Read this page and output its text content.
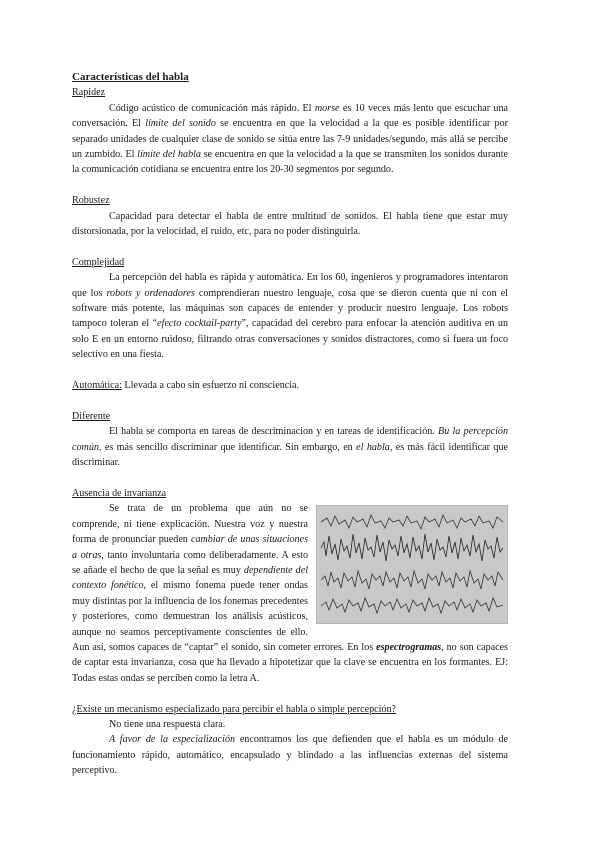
Características del habla

Rapidez

Código acústico de comunicación más rápido. El morse es 10 veces más lento que escuchar una conversación. El límite del sonido se encuentra en que la velocidad a la que es posible identificar por separado unidades de cualquier clase de sonido se sitúa entre las 7-9 unidades/segundo, más allá se percibe un zumbido. El límite del habla se encuentra en que la velocidad a la que se transmiten los sonidos durante la comunicación cotidiana se encuentra entre los 20-30 segmentos por segundo.

Robustez

Capacidad para detectar el habla de entre multitud de sonidos. El habla tiene que estar muy distorsionada, por la velocidad, el ruido, etc, para no poder distinguirla.

Complejidad

La percepción del habla es rápida y automática. En los 60, ingenieros y programadores intentaron que los robots y ordenadores comprendieran nuestro lenguaje, cosa que se dieron cuenta que ni con el software más potente, las máquinas son capaces de entender y producir nuestro lenguaje. Los robots tampoco toleran el “efecto cocktail-party”, capacidad del cerebro para enfocar la atención auditiva en un solo E en un entorno ruidoso, filtrando otras conversaciones y sonidos distractores, como si fuera un foco selectivo en una fiesta.

Automática: Llevada a cabo sin esfuerzo ni consciencia.

Diferente

El habla se comporta en tareas de descriminacion y en tareas de identificación. Bu la percepción común, es más sencillo discriminar que identificar. Sin embargo, en el habla, es más fácil identificar que discriminar.

Ausencia de invarianza

Se trata de un problema que aún no se comprende, ni tiene explicación. Nuestra voz y nuestra forma de pronunciar pueden cambiar de unas situaciones a otras, tanto involuntaria como deliberadamente. A esto se añade el hecho de que la señal es muy dependiente del contexto fonético, el mismo fonema puede tener ondas muy distintas por la influencia de los fonemas precedentes y posteriores, como demuestran los análisis acústicos, aunque no seamos perceptivamente conscientes de ello. Aun así, somos capaces de “captar” el sonido, sin cometer errores. En los espectrogramas, no son capaces de captar esta invarianza, cosa que ha llevado a hipotetizar que la clave se encuentra en los formantes. EJ: Todas estas ondas se perciben como la letra A.

¿Existe un mecanismo especializado para percibir el habla o simple percepción?

No tiene una respuesta clara.

A favor de la especialización encontramos los que defienden que el habla es un módulo de funcionamiento rápido, automático, encapsulado y blindado a las influencias externas del sistema perceptivo.
